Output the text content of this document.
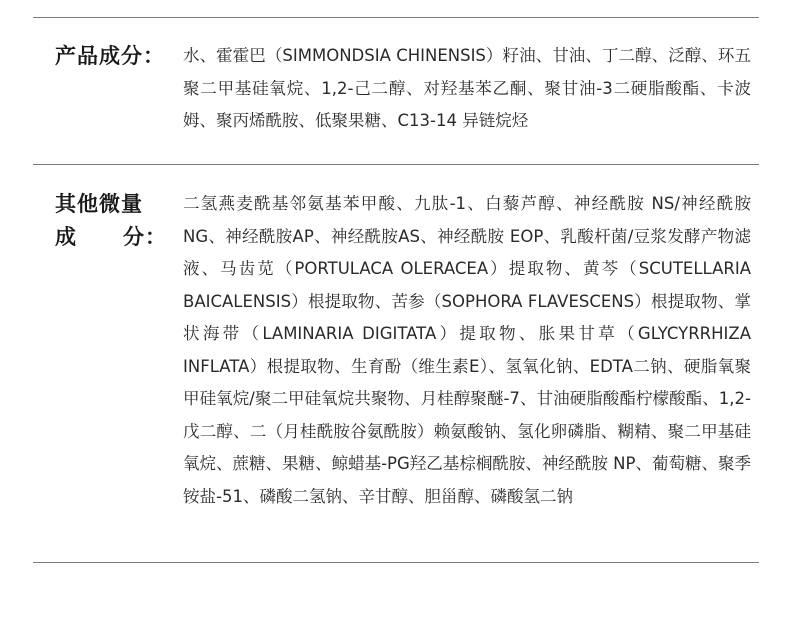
产品成分： 水、霍霍巴（SIMMONDSIA CHINENSIS）籽油、甘油、丁二醇、泛醇、环五聚二甲基硅氧烷、1,2-己二醇、对羟基苯乙酮、聚甘油-3二硬脂酸酯、卡波姆、聚丙烯酰胺、低聚果糖、C13-14 异链烷烃
其他微量
成 分：
二氢燕麦酰基邻氨基苯甲酸、九肽-1、白藜芦醇、神经酰胺 NS/神经酰胺NG、神经酰胺AP、神经酰胺AS、神经酰胺 EOP、乳酸杆菌/豆浆发酵产物滤液、马齿苋（PORTULACA OLERACEA）提取物、黄芩（SCUTELLARIA BAICALENSIS）根提取物、苦参（SOPHORA FLAVESCENS）根提取物、掌状海带（LAMINARIA DIGITATA）提取物、胀果甘草（GLYCYRRHIZA INFLATA）根提取物、生育酚（维生素E）、氢氧化钠、EDTA二钠、硬脂氧聚甲硅氧烷/聚二甲硅氧烷共聚物、月桂醇聚醚-7、甘油硬脂酸酯柠檬酸酯、1,2-戊二醇、二（月桂酰胺谷氨酰胺）赖氨酸钠、氢化卵磷脂、糊精、聚二甲基硅氧烷、蔗糖、果糖、鲸蜡基-PG羟乙基棕榈酰胺、神经酰胺 NP、葡萄糖、聚季铵盐-51、磷酸二氢钠、辛甘醇、胆甾醇、磷酸氢二钠
